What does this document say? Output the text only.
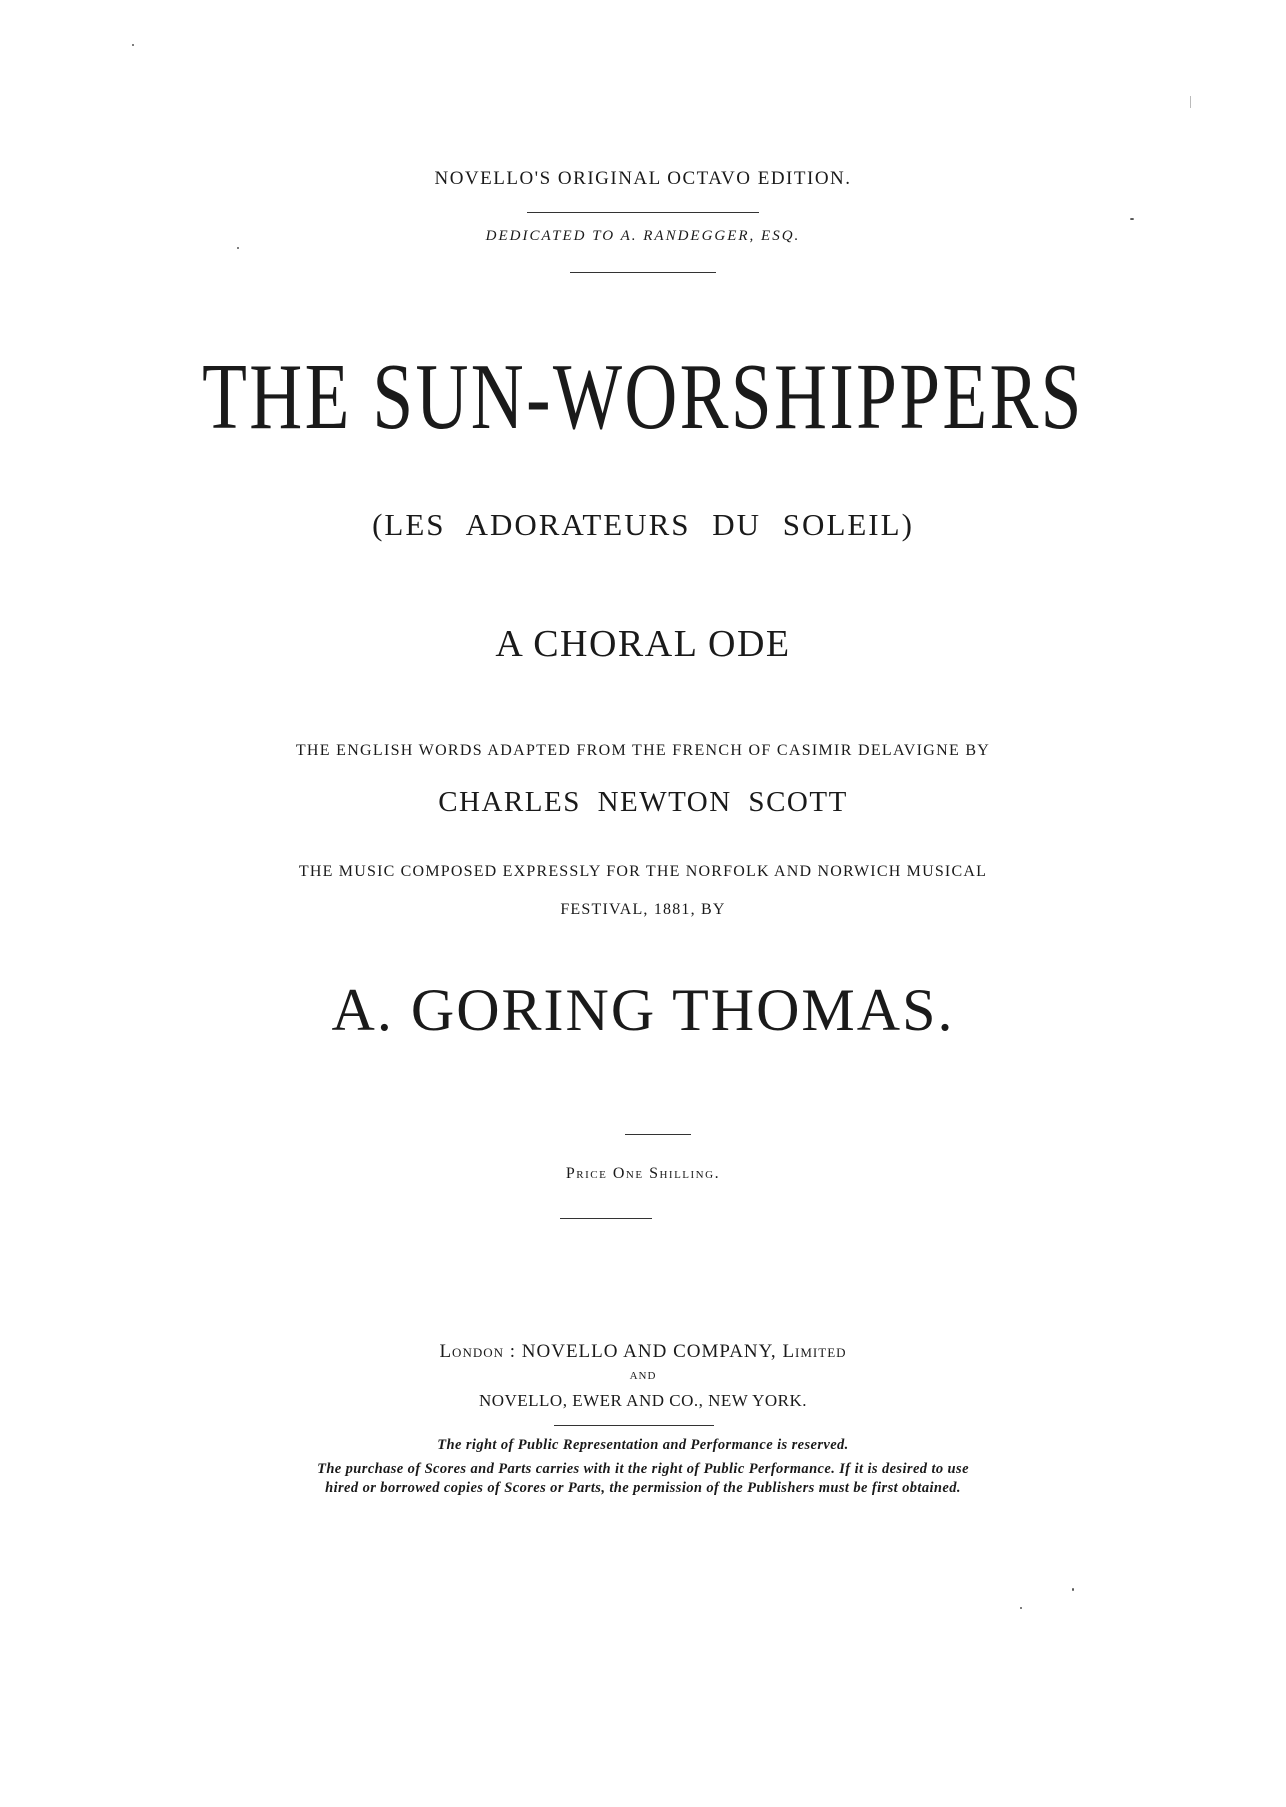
NOVELLO'S ORIGINAL OCTAVO EDITION.
DEDICATED TO A. RANDEGGER, ESQ.
THE SUN-WORSHIPPERS
(LES ADORATEURS DU SOLEIL)
A CHORAL ODE
THE ENGLISH WORDS ADAPTED FROM THE FRENCH OF CASIMIR DELAVIGNE BY
CHARLES NEWTON SCOTT
THE MUSIC COMPOSED EXPRESSLY FOR THE NORFOLK AND NORWICH MUSICAL
FESTIVAL, 1881, BY
A. GORING THOMAS.
Price One Shilling.
London : NOVELLO AND COMPANY, Limited
AND
NOVELLO, EWER AND CO., NEW YORK.
The right of Public Representation and Performance is reserved.
The purchase of Scores and Parts carries with it the right of Public Performance. If it is desired to use
hired or borrowed copies of Scores or Parts, the permission of the Publishers must be first obtained.
